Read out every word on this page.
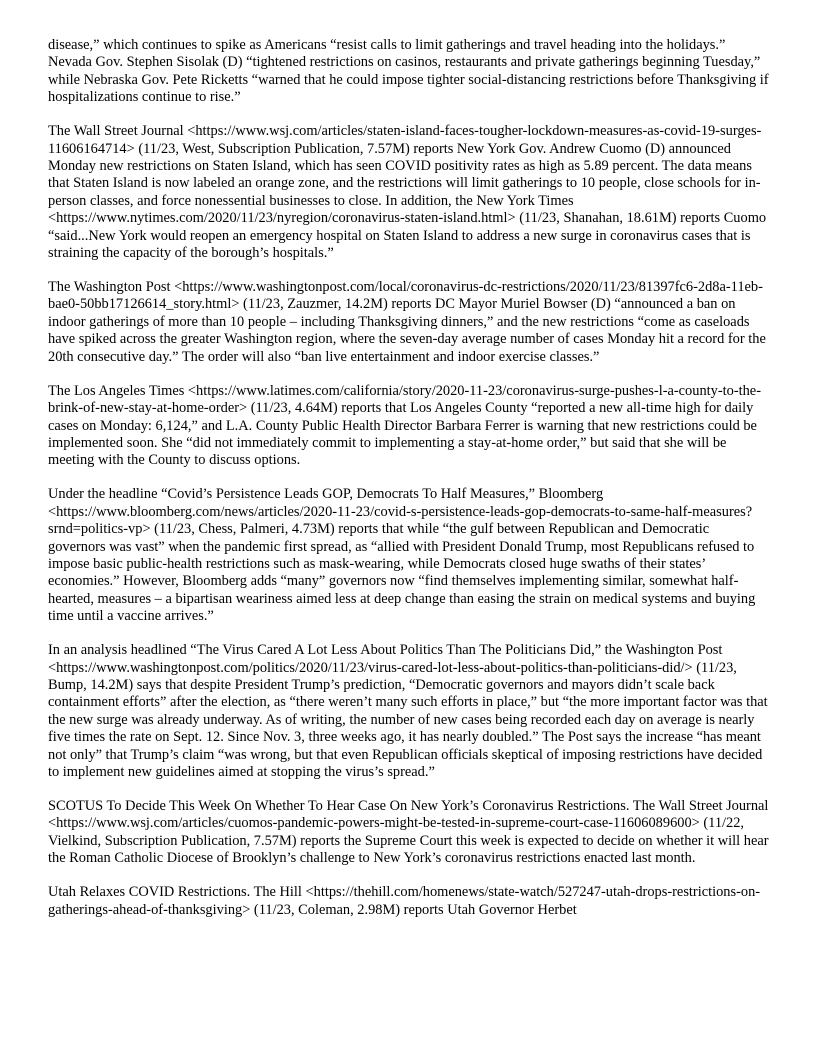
disease,” which continues to spike as Americans “resist calls to limit gatherings and travel heading into the holidays.” Nevada Gov. Stephen Sisolak (D) “tightened restrictions on casinos, restaurants and private gatherings beginning Tuesday,” while Nebraska Gov. Pete Ricketts “warned that he could impose tighter social-distancing restrictions before Thanksgiving if hospitalizations continue to rise.”

The Wall Street Journal <https://www.wsj.com/articles/staten-island-faces-tougher-lockdown-measures-as-covid-19-surges-11606164714> (11/23, West, Subscription Publication, 7.57M) reports New York Gov. Andrew Cuomo (D) announced Monday new restrictions on Staten Island, which has seen COVID positivity rates as high as 5.89 percent. The data means that Staten Island is now labeled an orange zone, and the restrictions will limit gatherings to 10 people, close schools for in-person classes, and force nonessential businesses to close. In addition, the New York Times <https://www.nytimes.com/2020/11/23/nyregion/coronavirus-staten-island.html> (11/23, Shanahan, 18.61M) reports Cuomo “said...New York would reopen an emergency hospital on Staten Island to address a new surge in coronavirus cases that is straining the capacity of the borough’s hospitals.”

The Washington Post <https://www.washingtonpost.com/local/coronavirus-dc-restrictions/2020/11/23/81397fc6-2d8a-11eb-bae0-50bb17126614_story.html> (11/23, Zauzmer, 14.2M) reports DC Mayor Muriel Bowser (D) “announced a ban on indoor gatherings of more than 10 people – including Thanksgiving dinners,” and the new restrictions “come as caseloads have spiked across the greater Washington region, where the seven-day average number of cases Monday hit a record for the 20th consecutive day.” The order will also “ban live entertainment and indoor exercise classes.”

The Los Angeles Times <https://www.latimes.com/california/story/2020-11-23/coronavirus-surge-pushes-l-a-county-to-the-brink-of-new-stay-at-home-order> (11/23, 4.64M) reports that Los Angeles County “reported a new all-time high for daily cases on Monday: 6,124,” and L.A. County Public Health Director Barbara Ferrer is warning that new restrictions could be implemented soon. She “did not immediately commit to implementing a stay-at-home order,” but said that she will be meeting with the County to discuss options.

Under the headline “Covid’s Persistence Leads GOP, Democrats To Half Measures,” Bloomberg <https://www.bloomberg.com/news/articles/2020-11-23/covid-s-persistence-leads-gop-democrats-to-same-half-measures?srnd=politics-vp> (11/23, Chess, Palmeri, 4.73M) reports that while “the gulf between Republican and Democratic governors was vast” when the pandemic first spread, as “allied with President Donald Trump, most Republicans refused to impose basic public-health restrictions such as mask-wearing, while Democrats closed huge swaths of their states’ economies.” However, Bloomberg adds “many” governors now “find themselves implementing similar, somewhat half-hearted, measures – a bipartisan weariness aimed less at deep change than easing the strain on medical systems and buying time until a vaccine arrives.”

In an analysis headlined “The Virus Cared A Lot Less About Politics Than The Politicians Did,” the Washington Post <https://www.washingtonpost.com/politics/2020/11/23/virus-cared-lot-less-about-politics-than-politicians-did/> (11/23, Bump, 14.2M) says that despite President Trump’s prediction, “Democratic governors and mayors didn’t scale back containment efforts” after the election, as “there weren’t many such efforts in place,” but “the more important factor was that the new surge was already underway. As of writing, the number of new cases being recorded each day on average is nearly five times the rate on Sept. 12. Since Nov. 3, three weeks ago, it has nearly doubled.” The Post says the increase “has meant not only” that Trump’s claim “was wrong, but that even Republican officials skeptical of imposing restrictions have decided to implement new guidelines aimed at stopping the virus’s spread.”

SCOTUS To Decide This Week On Whether To Hear Case On New York’s Coronavirus Restrictions. The Wall Street Journal <https://www.wsj.com/articles/cuomos-pandemic-powers-might-be-tested-in-supreme-court-case-11606089600> (11/22, Vielkind, Subscription Publication, 7.57M) reports the Supreme Court this week is expected to decide on whether it will hear the Roman Catholic Diocese of Brooklyn’s challenge to New York’s coronavirus restrictions enacted last month.

Utah Relaxes COVID Restrictions. The Hill <https://thehill.com/homenews/state-watch/527247-utah-drops-restrictions-on-gatherings-ahead-of-thanksgiving> (11/23, Coleman, 2.98M) reports Utah Governor Herbet
